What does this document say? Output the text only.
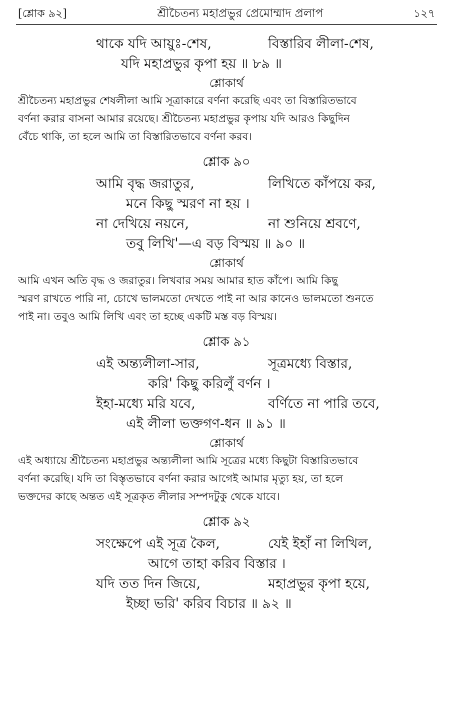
[শ্লোক ৯২]	শ্রীচৈতন্য মহাপ্রভুর প্রেমোম্মাদ প্রলাপ	১২৭
থাকে যদি আয়ুঃ-শেষ,	বিস্তারিব লীলা-শেষ,
যদি মহাপ্রভুর কৃপা হয় ॥ ৮৯ ॥
শ্লোকার্থ
শ্রীচৈতন্য মহাপ্রভুর শেষলীলা আমি সূত্রাকারে বর্ণনা করেছি এবং তা বিস্তারিতভাবে
বর্ণনা করার বাসনা আমার রয়েছে। শ্রীচৈতন্য মহাপ্রভুর কৃপায় যদি আরও কিছুদিন
বেঁচে থাকি, তা হলে আমি তা বিস্তারিতভাবে বর্ণনা করব।
শ্লোক ৯০
আমি বৃদ্ধ জরাতুর,	লিখিতে কাঁপয়ে কর,
মনে কিছু স্মরণ না হয় ।
না দেখিয়ে নয়নে,	না শুনিয়ে শ্রবণে,
তবু লিখি'—এ বড় বিস্ময় ॥ ৯০ ॥
শ্লোকার্থ
আমি এখন অতি বৃদ্ধ ও জরাতুর। লিখবার সময় আমার হাত কাঁপে। আমি কিছু
স্মরণ রাখতে পারি না, চোখে ভালমতো দেখতে পাই না আর কানেও ভালমতো শুনতে
পাই না। তবুও আমি লিখি এবং তা হচ্ছে একটি মস্ত বড় বিস্ময়।
শ্লোক ৯১
এই অন্ত্যলীলা-সার,	সূত্রমধ্যে বিস্তার,
করি' কিছু করিলুঁ বর্ণন ।
ইহা-মধ্যে মরি যবে,	বর্ণিতে না পারি তবে,
এই লীলা ভক্তগণ-ধন ॥ ৯১ ॥
শ্লোকার্থ
এই অধ্যায়ে শ্রীচৈতন্য মহাপ্রভুর অন্ত্যলীলা আমি সূত্রের মধ্যে কিছুটা বিস্তারিতভাবে
বর্ণনা করেছি। যদি তা বিস্তৃতভাবে বর্ণনা করার আগেই আমার মৃত্যু হয়, তা হলে
ভক্তদের কাছে অন্তত এই সূত্রকৃত লীলার সম্পদটুকু থেকে যাবে।
শ্লোক ৯২
সংক্ষেপে এই সূত্র কৈল,	যেই ইহাঁ না লিখিল,
আগে তাহা করিব বিস্তার ।
যদি তত দিন জিয়ে,	মহাপ্রভুর কৃপা হয়ে,
ইচ্ছা ভরি' করিব বিচার ॥ ৯২ ॥
